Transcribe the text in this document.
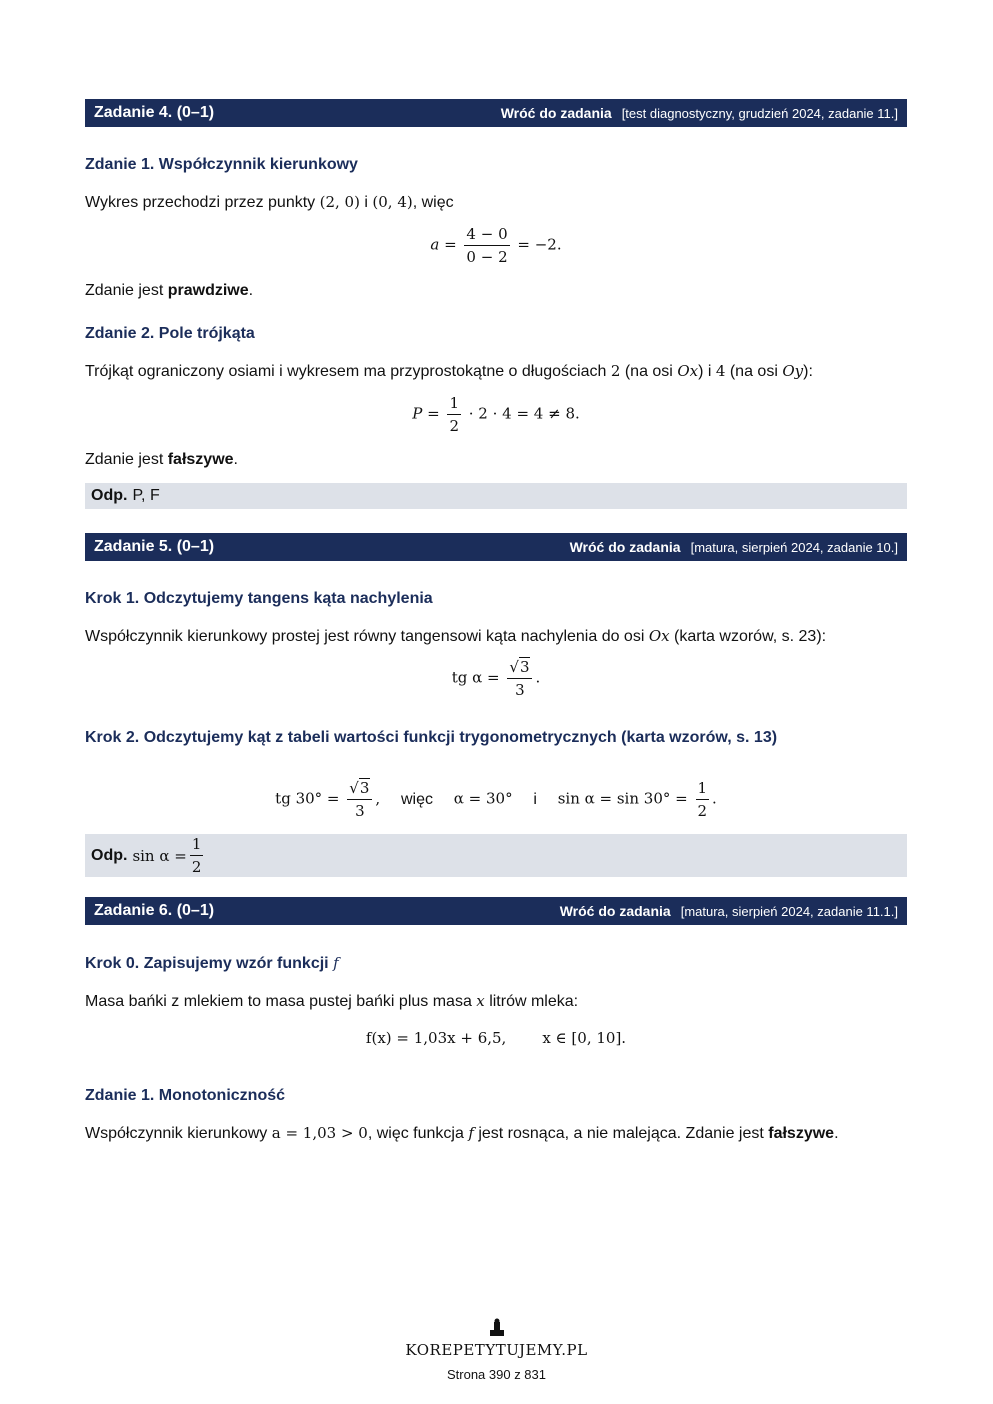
Zadanie 4. (0–1)	Wróć do zadania [test diagnostyczny, grudzień 2024, zadanie 11.]
Zdanie 1. Współczynnik kierunkowy

Wykres przechodzi przez punkty (2, 0) i (0, 4), więc

$a = \frac{4 - 0}{0 - 2} = -2$.

Zdanie jest prawdziwe.

Zdanie 2. Pole trójkąta

Trójkąt ograniczony osiami i wykresem ma przyprostokątne o długościach 2 (na osi Ox) i 4 (na osi Oy):

$P = \frac{1}{2} \cdot 2 \cdot 4 = 4 \ne 8$.

Zdanie jest fałszywe.

Odp. P, F
Zadanie 5. (0–1)	Wróć do zadania [matura, sierpień 2024, zadanie 10.]
Krok 1. Odczytujemy tangens kąta nachylenia

Współczynnik kierunkowy prostej jest równy tangensowi kąta nachylenia do osi Ox (karta wzorów, s. 23):

tg $\alpha = \frac{√3}{3}$ .
Krok 2. Odczytujemy kąt z tabeli wartości funkcji trygonometrycznych (karta wzorów, s. 13)
tg $30^\circ = \frac{√3}{3}$ , więc α = 30° i $\sin \alpha = \sin 30^\circ = \frac{1}{2}$ .
Odp. $\sin \alpha = \frac{1}{2}$
Zadanie 6. (0–1)	Wróć do zadania [matura, sierpień 2024, zadanie 11.1.]
Krok 0. Zapisujemy wzór funkcji f

Masa bańki z mlekiem to masa pustej bańki plus masa x litrów mleka:

f(x) = 1,03x + 6,5, x ∈ [0, 10].
Zdanie 1. Monotoniczność

Współczynnik kierunkowy a = 1,03 > 0, więc funkcja f jest rosnąca, a nie malejąca. Zdanie jest fałszywe.

KOREPETYTUJEMY.PL
Strona 390 z 831
